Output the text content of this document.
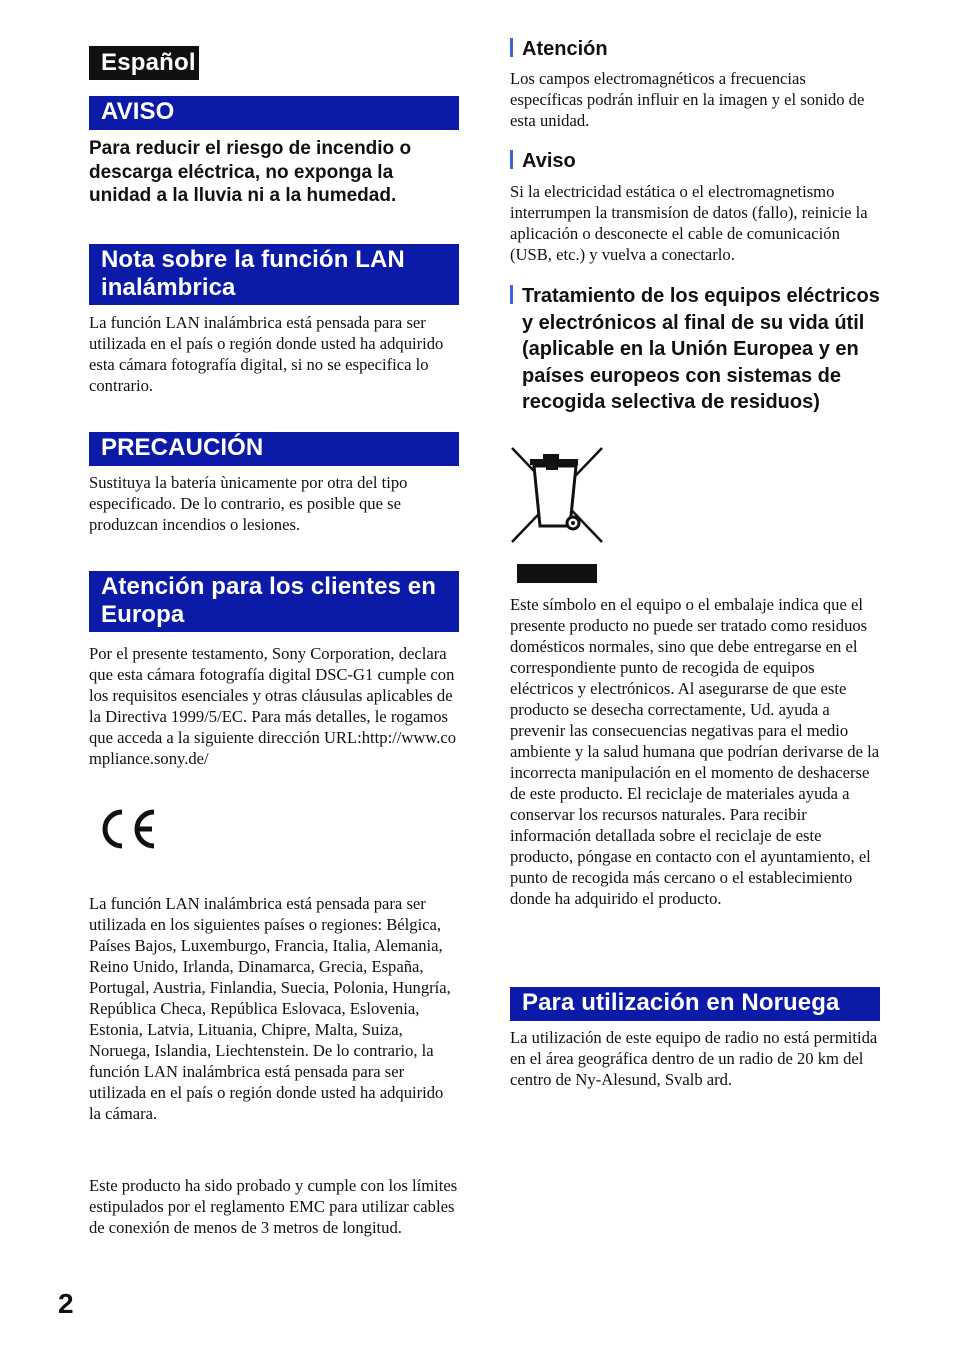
Español
AVISO
Para reducir el riesgo de incendio o descarga eléctrica, no exponga la unidad a la lluvia ni a la humedad.
Nota sobre la función LAN inalámbrica
La función LAN inalámbrica está pensada para ser utilizada en el país o región donde usted ha adquirido esta cámara fotografía digital, si no se especifica lo contrario.
PRECAUCIÓN
Sustituya la batería ùnicamente por otra del tipo especificado. De lo contrario, es posible que se produzcan incendios o lesiones.
Atención para los clientes en Europa
Por el presente testamento, Sony Corporation, declara que esta cámara fotografía digital DSC-G1 cumple con los requisitos esenciales y otras cláusulas aplicables de la Directiva 1999/5/EC. Para más detalles, le rogamos que acceda a la siguiente dirección URL:http://www.compliance.sony.de/
La función LAN inalámbrica está pensada para ser utilizada en los siguientes países o regiones: Bélgica, Países Bajos, Luxemburgo, Francia, Italia, Alemania, Reino Unido, Irlanda, Dinamarca, Grecia, España, Portugal, Austria, Finlandia, Suecia, Polonia, Hungría, República Checa, República Eslovaca, Eslovenia, Estonia, Latvia, Lituania, Chipre, Malta, Suiza, Noruega, Islandia, Liechtenstein. De lo contrario, la función LAN inalámbrica está pensada para ser utilizada en el país o región donde usted ha adquirido la cámara.
Este producto ha sido probado y cumple con los límites estipulados por el reglamento EMC para utilizar cables de conexión de menos de 3 metros de longitud.
2
Atención
Los campos electromagnéticos a frecuencias específicas podrán influir en la imagen y el sonido de esta unidad.
Aviso
Si la electricidad estática o el electromagnetismo interrumpen la transmisíon de datos (fallo), reinicie la aplicación o desconecte el cable de comunicación (USB, etc.) y vuelva a conectarlo.
Tratamiento de los equipos eléctricos y electrónicos al final de su vida útil (aplicable en la Unión Europea y en países europeos con sistemas de recogida selectiva de residuos)
Este símbolo en el equipo o el embalaje indica que el presente producto no puede ser tratado como residuos domésticos normales, sino que debe entregarse en el correspondiente punto de recogida de equipos eléctricos y electrónicos. Al asegurarse de que este producto se desecha correctamente, Ud. ayuda a prevenir las consecuencias negativas para el medio ambiente y la salud humana que podrían derivarse de la incorrecta manipulación en el momento de deshacerse de este producto. El reciclaje de materiales ayuda a conservar los recursos naturales. Para recibir información detallada sobre el reciclaje de este producto, póngase en contacto con el ayuntamiento, el punto de recogida más cercano o el establecimiento donde ha adquirido el producto.
Para utilización en Noruega
La utilización de este equipo de radio no está permitida en el área geográfica dentro de un radio de 20 km del centro de Ny-Alesund, Svalb ard.
